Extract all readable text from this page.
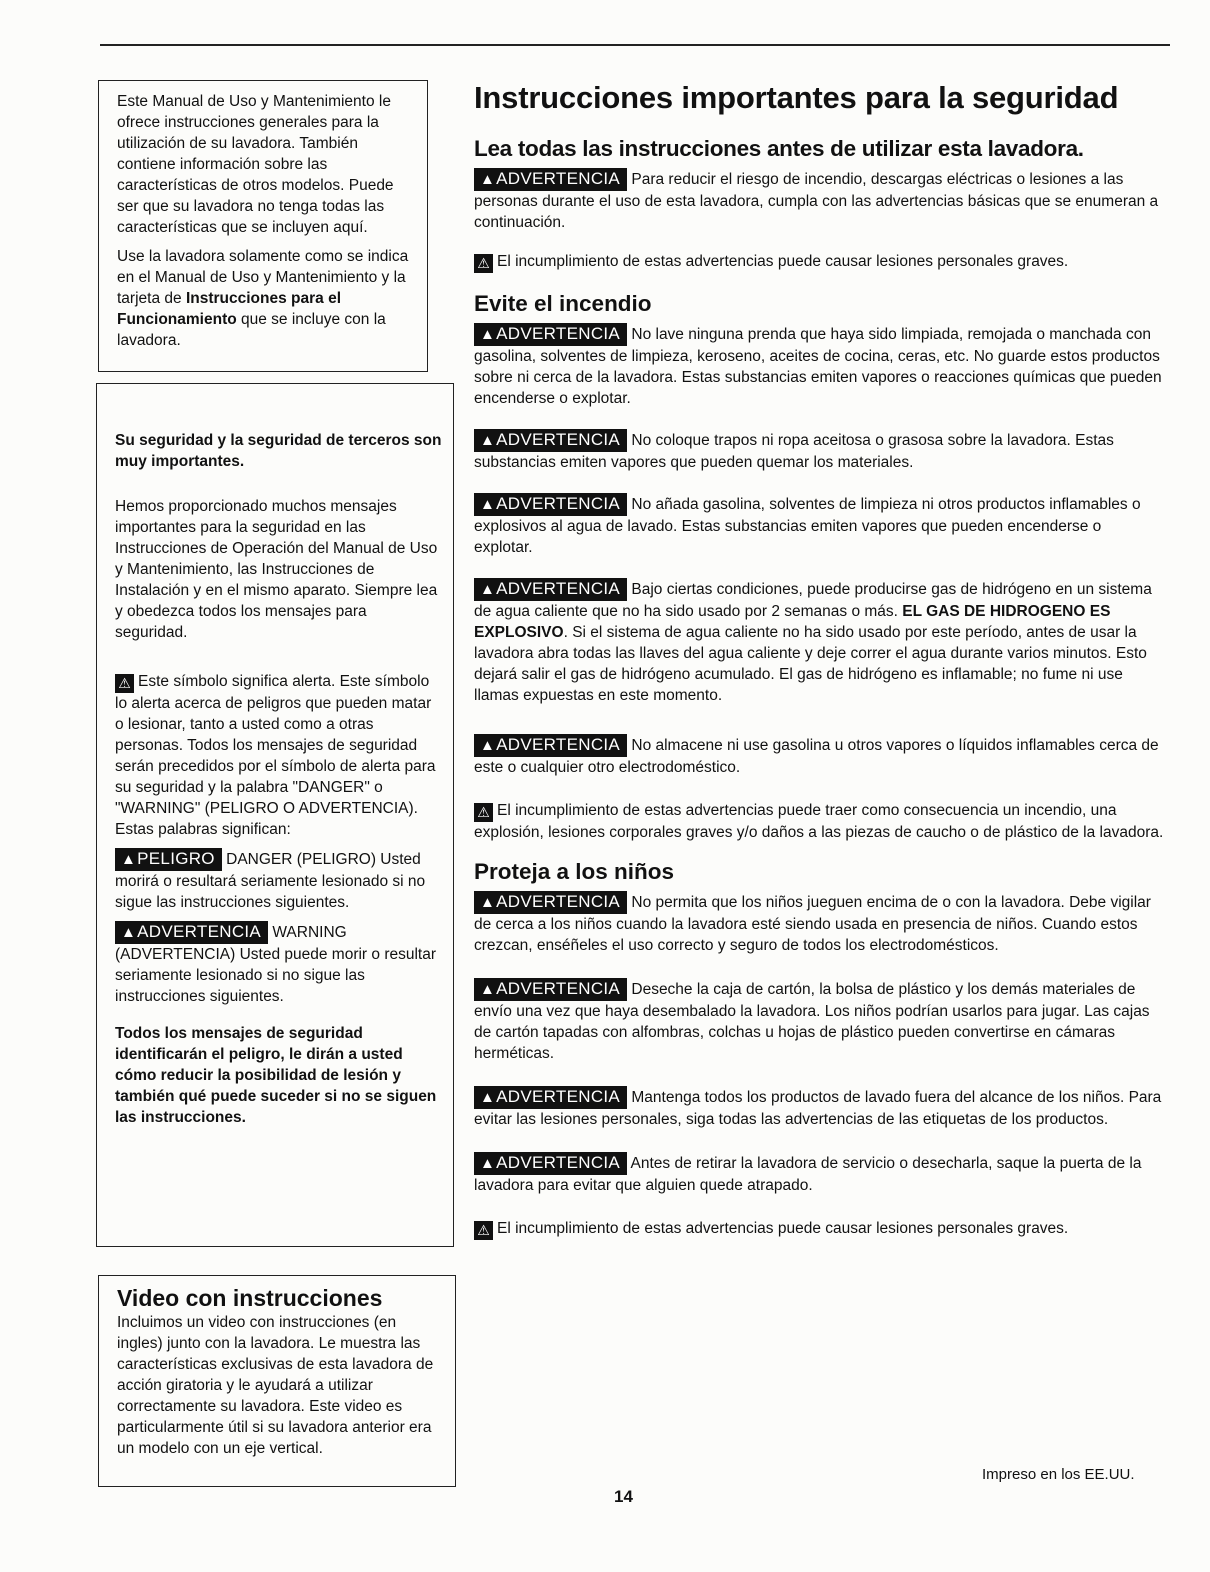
Este Manual de Uso y Mantenimiento le ofrece instrucciones generales para la utilización de su lavadora. También contiene información sobre las características de otros modelos. Puede ser que su lavadora no tenga todas las características que se incluyen aquí.

Use la lavadora solamente como se indica en el Manual de Uso y Mantenimiento y la tarjeta de Instrucciones para el Funcionamiento que se incluye con la lavadora.

Su seguridad y la seguridad de terceros son muy importantes.

Hemos proporcionado muchos mensajes importantes para la seguridad en las Instrucciones de Operación del Manual de Uso y Mantenimiento, las Instrucciones de Instalación y en el mismo aparato. Siempre lea y obedezca todos los mensajes para seguridad.

⚠ Este símbolo significa alerta. Este símbolo lo alerta acerca de peligros que pueden matar o lesionar, tanto a usted como a otras personas. Todos los mensajes de seguridad serán precedidos por el símbolo de alerta para su seguridad y la palabra "DANGER" o "WARNING" (PELIGRO O ADVERTENCIA). Estas palabras significan:

▲PELIGRO DANGER (PELIGRO) Usted morirá o resultará seriamente lesionado si no sigue las instrucciones siguientes.

▲ADVERTENCIA WARNING (ADVERTENCIA) Usted puede morir o resultar seriamente lesionado si no sigue las instrucciones siguientes.

Todos los mensajes de seguridad identificarán el peligro, le dirán a usted cómo reducir la posibilidad de lesión y también qué puede suceder si no se siguen las instrucciones.

Video con instrucciones

Incluimos un video con instrucciones (en ingles) junto con la lavadora. Le muestra las características exclusivas de esta lavadora de acción giratoria y le ayudará a utilizar correctamente su lavadora. Este video es particularmente útil si su lavadora anterior era un modelo con un eje vertical.

Instrucciones importantes para la seguridad
Lea todas las instrucciones antes de utilizar esta lavadora.

▲ADVERTENCIA Para reducir el riesgo de incendio, descargas eléctricas o lesiones a las personas durante el uso de esta lavadora, cumpla con las advertencias básicas que se enumeran a continuación.

⚠ El incumplimiento de estas advertencias puede causar lesiones personales graves.

Evite el incendio

▲ADVERTENCIA No lave ninguna prenda que haya sido limpiada, remojada o manchada con gasolina, solventes de limpieza, keroseno, aceites de cocina, ceras, etc. No guarde estos productos sobre ni cerca de la lavadora. Estas substancias emiten vapores o reacciones químicas que pueden encenderse o explotar.

▲ADVERTENCIA No coloque trapos ni ropa aceitosa o grasosa sobre la lavadora. Estas substancias emiten vapores que pueden quemar los materiales.

▲ADVERTENCIA No añada gasolina, solventes de limpieza ni otros productos inflamables o explosivos al agua de lavado. Estas substancias emiten vapores que pueden encenderse o explotar.

▲ADVERTENCIA Bajo ciertas condiciones, puede producirse gas de hidrógeno en un sistema de agua caliente que no ha sido usado por 2 semanas o más. EL GAS DE HIDROGENO ES EXPLOSIVO. Si el sistema de agua caliente no ha sido usado por este período, antes de usar la lavadora abra todas las llaves del agua caliente y deje correr el agua durante varios minutos. Esto dejará salir el gas de hidrógeno acumulado. El gas de hidrógeno es inflamable; no fume ni use llamas expuestas en este momento.

▲ADVERTENCIA No almacene ni use gasolina u otros vapores o líquidos inflamables cerca de este o cualquier otro electrodoméstico.

⚠ El incumplimiento de estas advertencias puede traer como consecuencia un incendio, una explosión, lesiones corporales graves y/o daños a las piezas de caucho o de plástico de la lavadora.

Proteja a los niños

▲ADVERTENCIA No permita que los niños jueguen encima de o con la lavadora. Debe vigilar de cerca a los niños cuando la lavadora esté siendo usada en presencia de niños. Cuando estos crezcan, enséñeles el uso correcto y seguro de todos los electrodomésticos.

▲ADVERTENCIA Deseche la caja de cartón, la bolsa de plástico y los demás materiales de envío una vez que haya desembalado la lavadora. Los niños podrían usarlos para jugar. Las cajas de cartón tapadas con alfombras, colchas u hojas de plástico pueden convertirse en cámaras herméticas.

▲ADVERTENCIA Mantenga todos los productos de lavado fuera del alcance de los niños. Para evitar las lesiones personales, siga todas las advertencias de las etiquetas de los productos.

▲ADVERTENCIA Antes de retirar la lavadora de servicio o desecharla, saque la puerta de la lavadora para evitar que alguien quede atrapado.

⚠ El incumplimiento de estas advertencias puede causar lesiones personales graves.

Impreso en los EE.UU.
14
